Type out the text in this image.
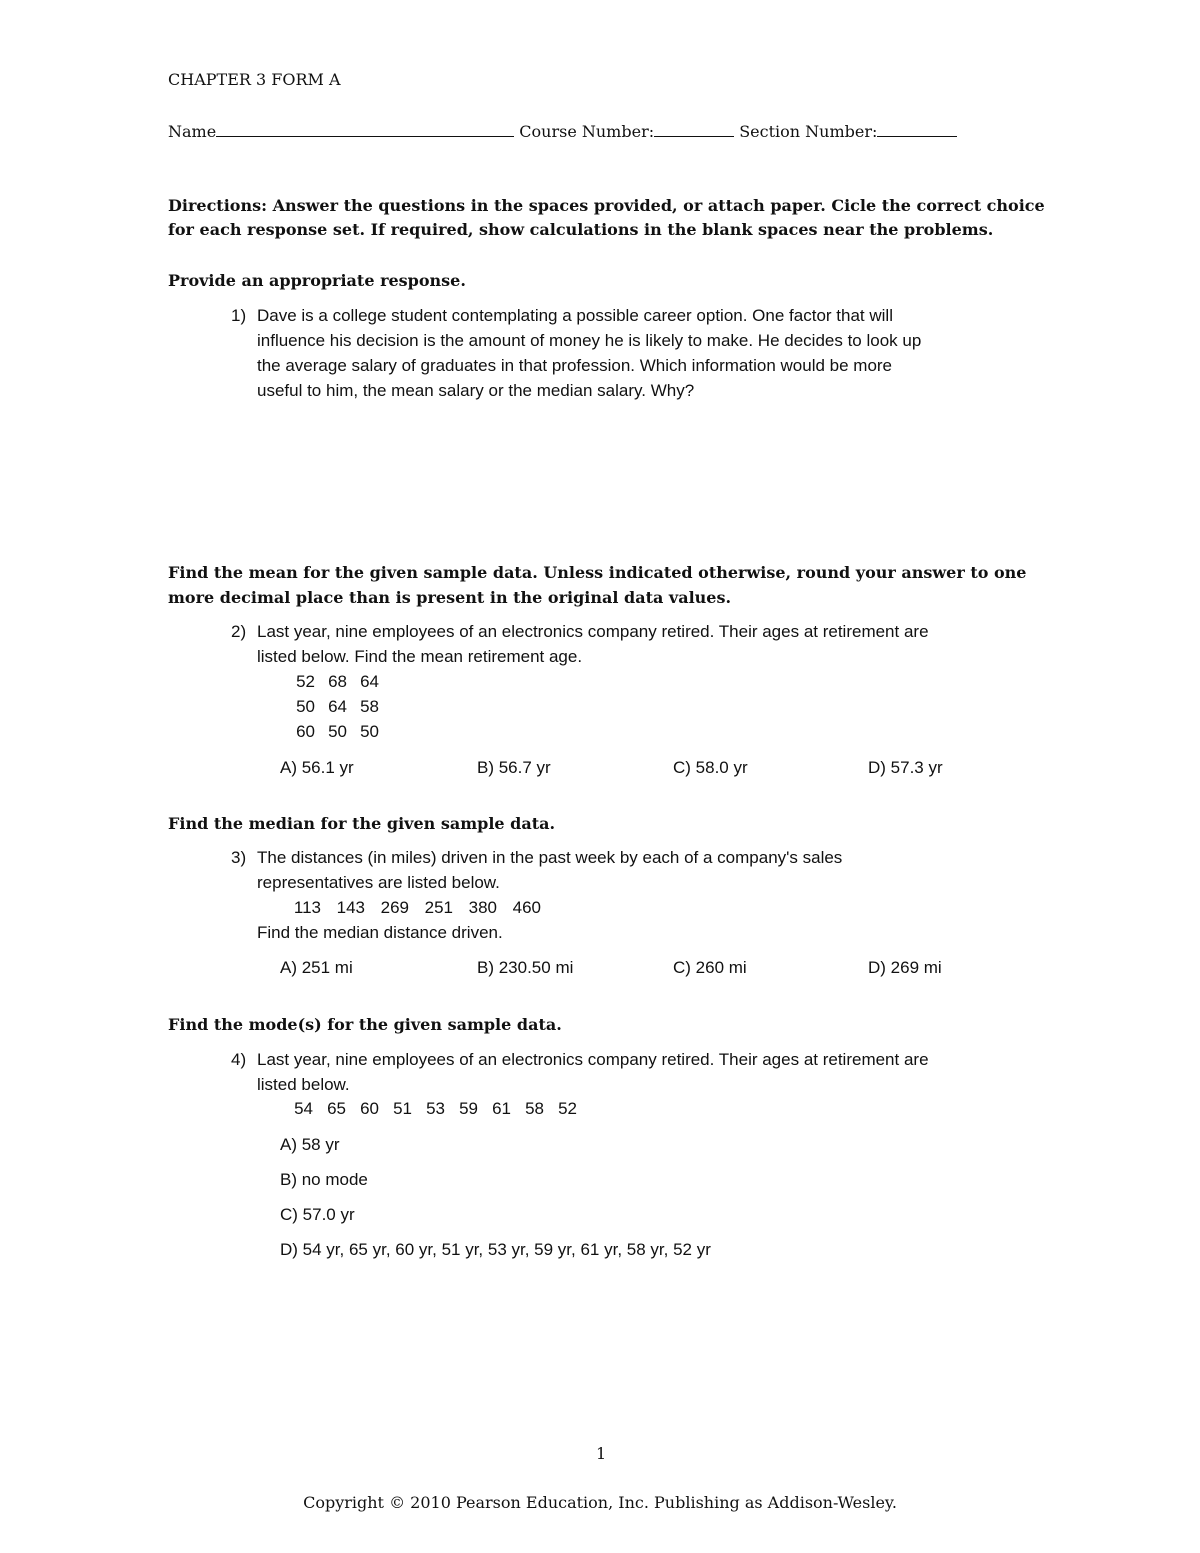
CHAPTER 3 FORM A
Name	Course Number:	Section Number:
Directions: Answer the questions in the spaces provided, or attach paper. Cicle the correct choice
for each response set. If required, show calculations in the blank spaces near the problems.
Provide an appropriate response.
1) Dave is a college student contemplating a possible career option. One factor that will
influence his decision is the amount of money he is likely to make. He decides to look up
the average salary of graduates in that profession. Which information would be more
useful to him, the mean salary or the median salary. Why?
Find the mean for the given sample data. Unless indicated otherwise, round your answer to one
more decimal place than is present in the original data values.
2) Last year, nine employees of an electronics company retired. Their ages at retirement are
listed below. Find the mean retirement age.
52 68 64
50 64 58
60 50 50
A) 56.1 yr	B) 56.7 yr	C) 58.0 yr	D) 57.3 yr
Find the median for the given sample data.
3) The distances (in miles) driven in the past week by each of a company's sales
representatives are listed below.
113 143 269 251 380 460
Find the median distance driven.
A) 251 mi	B) 230.50 mi	C) 260 mi	D) 269 mi
Find the mode(s) for the given sample data.
4) Last year, nine employees of an electronics company retired. Their ages at retirement are
listed below.
54 65 60 51 53 59 61 58 52
A) 58 yr
B) no mode
C) 57.0 yr
D) 54 yr, 65 yr, 60 yr, 51 yr, 53 yr, 59 yr, 61 yr, 58 yr, 52 yr
1
Copyright © 2010 Pearson Education, Inc. Publishing as Addison-Wesley.
